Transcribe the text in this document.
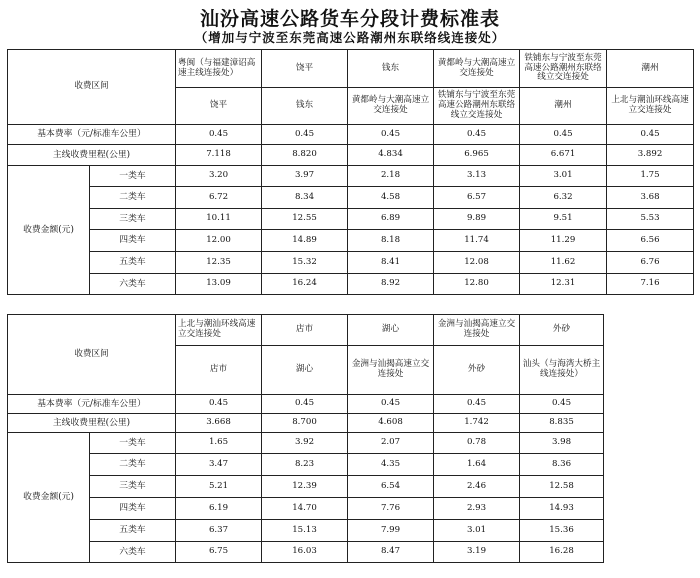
汕汾高速公路货车分段计费标准表
（增加与宁波至东莞高速公路潮州东联络线连接处）
收费区间		粤闽（与福建漳诏高速主线连接处）	饶平	钱东	黄都岭与大潮高速立交连接处	铁铺东与宁波至东莞高速公路潮州东联络线立交连接处	潮州
		饶平	钱东	黄都岭与大潮高速立交连接处	铁铺东与宁波至东莞高速公路潮州东联络线立交连接处	潮州	上北与潮汕环线高速立交连接处
基本费率（元/标准车公里）		0.45	0.45	0.45	0.45	0.45	0.45
主线收费里程(公里)		7.118	8.820	4.834	6.965	6.671	3.892
收费金额(元)	一类车	3.20	3.97	2.18	3.13	3.01	1.75
	二类车	6.72	8.34	4.58	6.57	6.32	3.68
	三类车	10.11	12.55	6.89	9.89	9.51	5.53
	四类车	12.00	14.89	8.18	11.74	11.29	6.56
	五类车	12.35	15.32	8.41	12.08	11.62	6.76
	六类车	13.09	16.24	8.92	12.80	12.31	7.16
收费区间		上北与潮汕环线高速立交连接处	店市	湖心	金洲与汕揭高速立交连接处	外砂
		店市	湖心	金洲与汕揭高速立交连接处	外砂	汕头（与海湾大桥主线连接处）
基本费率（元/标准车公里）		0.45	0.45	0.45	0.45	0.45
主线收费里程(公里)		3.668	8.700	4.608	1.742	8.835
收费金额(元)	一类车	1.65	3.92	2.07	0.78	3.98
	二类车	3.47	8.23	4.35	1.64	8.36
	三类车	5.21	12.39	6.54	2.46	12.58
	四类车	6.19	14.70	7.76	2.93	14.93
	五类车	6.37	15.13	7.99	3.01	15.36
	六类车	6.75	16.03	8.47	3.19	16.28
